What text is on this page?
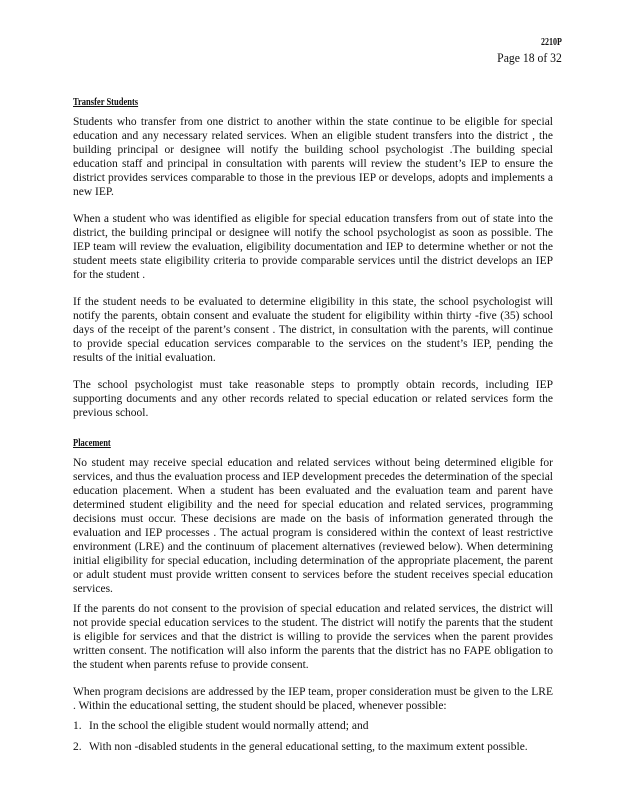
2210P
Page 18 of 32
Transfer Students

Students who transfer from one district to another within the state continue to be eligible for special education and any necessary related services. When an eligible student transfers into the district , the building principal or designee will notify the building school psychologist .The building special education staff and principal in consultation with parents will review the student’s IEP to ensure the district provides services comparable to those in the previous IEP or develops, adopts and implements a new IEP.

When a student who was identified as eligible for special education transfers from out of state into the district, the building principal or designee will notify the school psychologist as soon as possible. The IEP team will review the evaluation, eligibility documentation and IEP to determine whether or not the student meets state eligibility criteria to provide comparable services until the district develops an IEP for the student .

If the student needs to be evaluated to determine eligibility in this state, the school psychologist will notify the parents, obtain consent and evaluate the student for eligibility within thirty -five (35) school days of the receipt of the parent’s consent . The district, in consultation with the parents, will continue to provide special education services comparable to the services on the student’s IEP, pending the results of the initial evaluation.

The school psychologist must take reasonable steps to promptly obtain records, including IEP supporting documents and any other records related to special education or related services form the previous school.

Placement

No student may receive special education and related services without being determined eligible for services, and thus the evaluation process and IEP development precedes the determination of the special education placement. When a student has been evaluated and the evaluation team and parent have determined student eligibility and the need for special education and related services, programming decisions must occur. These decisions are made on the basis of information generated through the evaluation and IEP processes . The actual program is considered within the context of least restrictive environment (LRE) and the continuum of placement alternatives (reviewed below). When determining initial eligibility for special education, including determination of the appropriate placement, the parent or adult student must provide written consent to services before the student receives special education services.

If the parents do not consent to the provision of special education and related services, the district will not provide special education services to the student. The district will notify the parents that the student is eligible for services and that the district is willing to provide the services when the parent provides written consent. The notification will also inform the parents that the district has no FAPE obligation to the student when parents refuse to provide consent.

When program decisions are addressed by the IEP team, proper consideration must be given to the LRE . Within the educational setting, the student should be placed, whenever possible:

1. In the school the eligible student would normally attend; and
2. With non -disabled students in the general educational setting, to the maximum extent possible.
